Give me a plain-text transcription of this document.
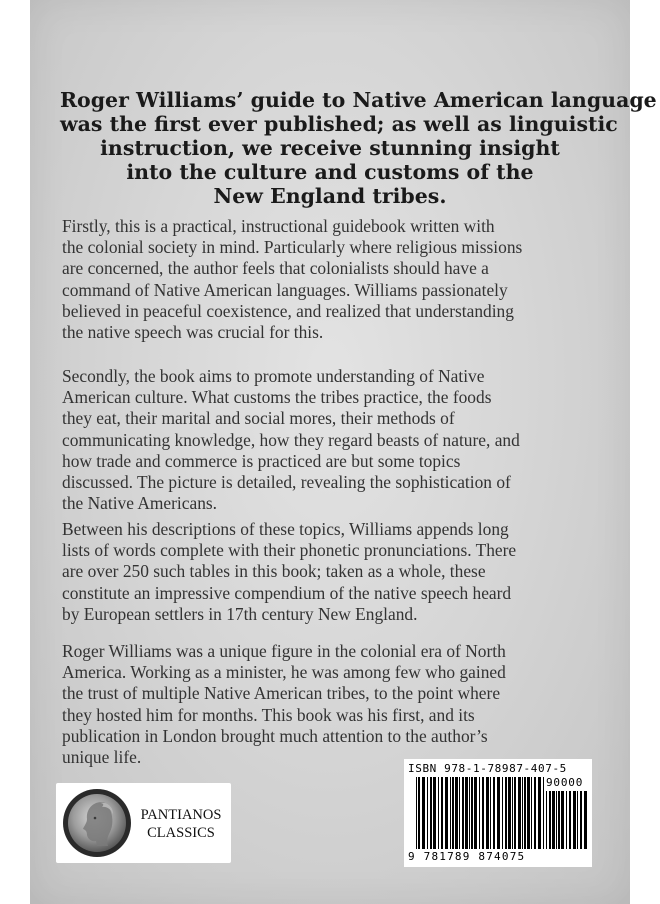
Roger Williams’ guide to Native American language
was the first ever published; as well as linguistic
instruction, we receive stunning insight
into the culture and customs of the
New England tribes.
Firstly, this is a practical, instructional guidebook written with
the colonial society in mind. Particularly where religious missions
are concerned, the author feels that colonialists should have a
command of Native American languages. Williams passionately
believed in peaceful coexistence, and realized that understanding
the native speech was crucial for this.
Secondly, the book aims to promote understanding of Native
American culture. What customs the tribes practice, the foods
they eat, their marital and social mores, their methods of
communicating knowledge, how they regard beasts of nature, and
how trade and commerce is practiced are but some topics
discussed. The picture is detailed, revealing the sophistication of
the Native Americans.
Between his descriptions of these topics, Williams appends long
lists of words complete with their phonetic pronunciations. There
are over 250 such tables in this book; taken as a whole, these
constitute an impressive compendium of the native speech heard
by European settlers in 17th century New England.
Roger Williams was a unique figure in the colonial era of North
America. Working as a minister, he was among few who gained
the trust of multiple Native American tribes, to the point where
they hosted him for months. This book was his first, and its
publication in London brought much attention to the author’s
unique life.
PANTIANOS
CLASSICS
ISBN 978-1-78987-407-5
90000
9 781789 874075
